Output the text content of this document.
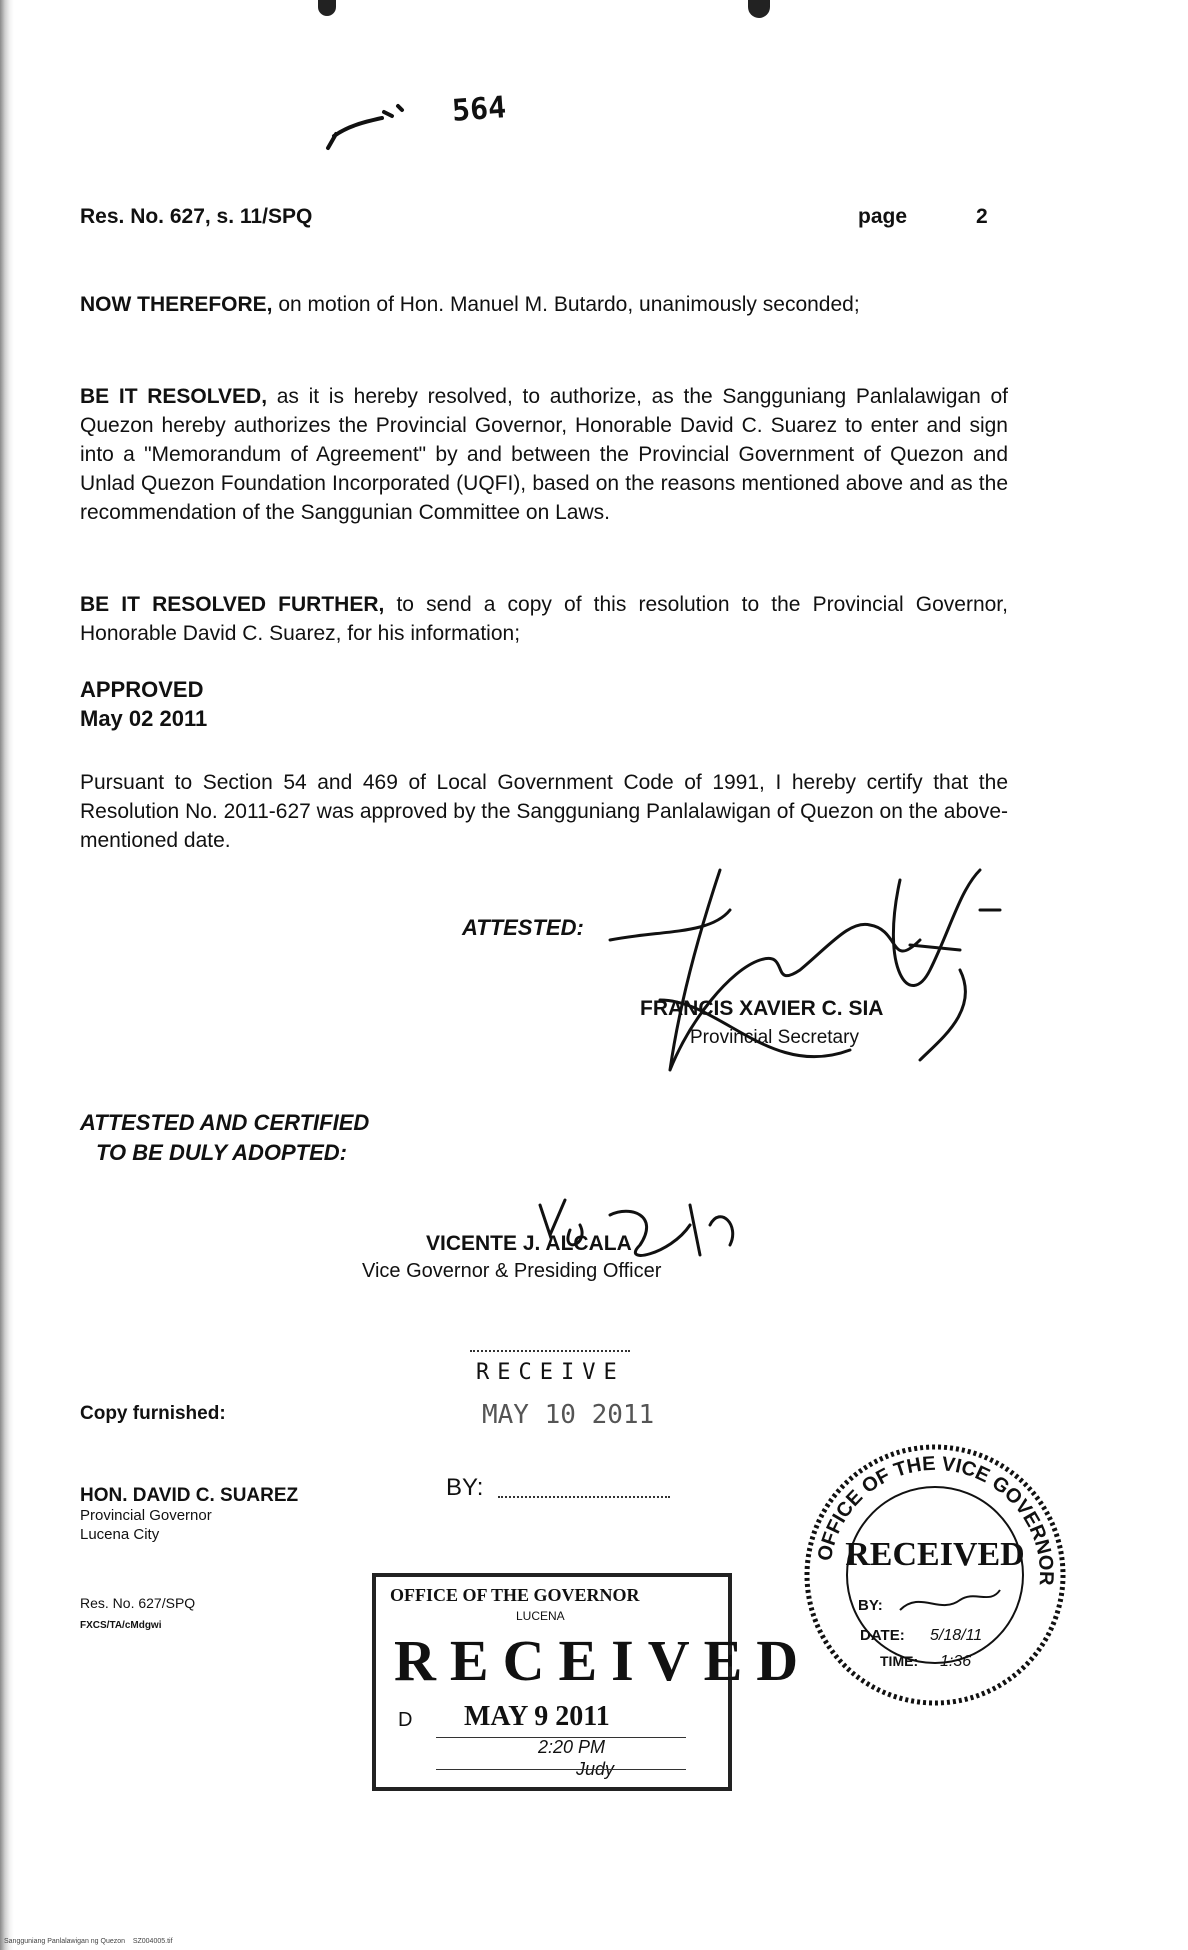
564
Res. No. 627, s. 11/SPQ	page	2
NOW THEREFORE, on motion of Hon. Manuel M. Butardo, unanimously seconded;
BE IT RESOLVED, as it is hereby resolved, to authorize, as the Sangguniang Panlalawigan of Quezon hereby authorizes the Provincial Governor, Honorable David C. Suarez to enter and sign into a "Memorandum of Agreement" by and between the Provincial Government of Quezon and Unlad Quezon Foundation Incorporated (UQFI), based on the reasons mentioned above and as the recommendation of the Sanggunian Committee on Laws.
BE IT RESOLVED FURTHER, to send a copy of this resolution to the Provincial Governor, Honorable David C. Suarez, for his information;
APPROVED
May 02 2011
Pursuant to Section 54 and 469 of Local Government Code of 1991, I hereby certify that the Resolution No. 2011-627 was approved by the Sangguniang Panlalawigan of Quezon on the above-mentioned date.
ATTESTED:
FRANCIS XAVIER C. SIA
Provincial Secretary
ATTESTED AND CERTIFIED
TO BE DULY ADOPTED:
VICENTE J. ALCALA
Vice Governor & Presiding Officer
RECEIVE
MAY 10 2011
BY:
Copy furnished:
HON. DAVID C. SUAREZ
Provincial Governor
Lucena City
Res. No. 627/SPQ
FXCS/TA/cMdgwi
OFFICE OF THE GOVERNOR
LUCENA
RECEIVED
D MAY 9 2011
2:20 PM
Judy
OFFICE OF THE VICE GOVERNOR
RECEIVED
BY:
DATE: 5/18/11
TIME: 1:36
Sangguniang Panlalawigan ng Quezon    SZ004005.tif
